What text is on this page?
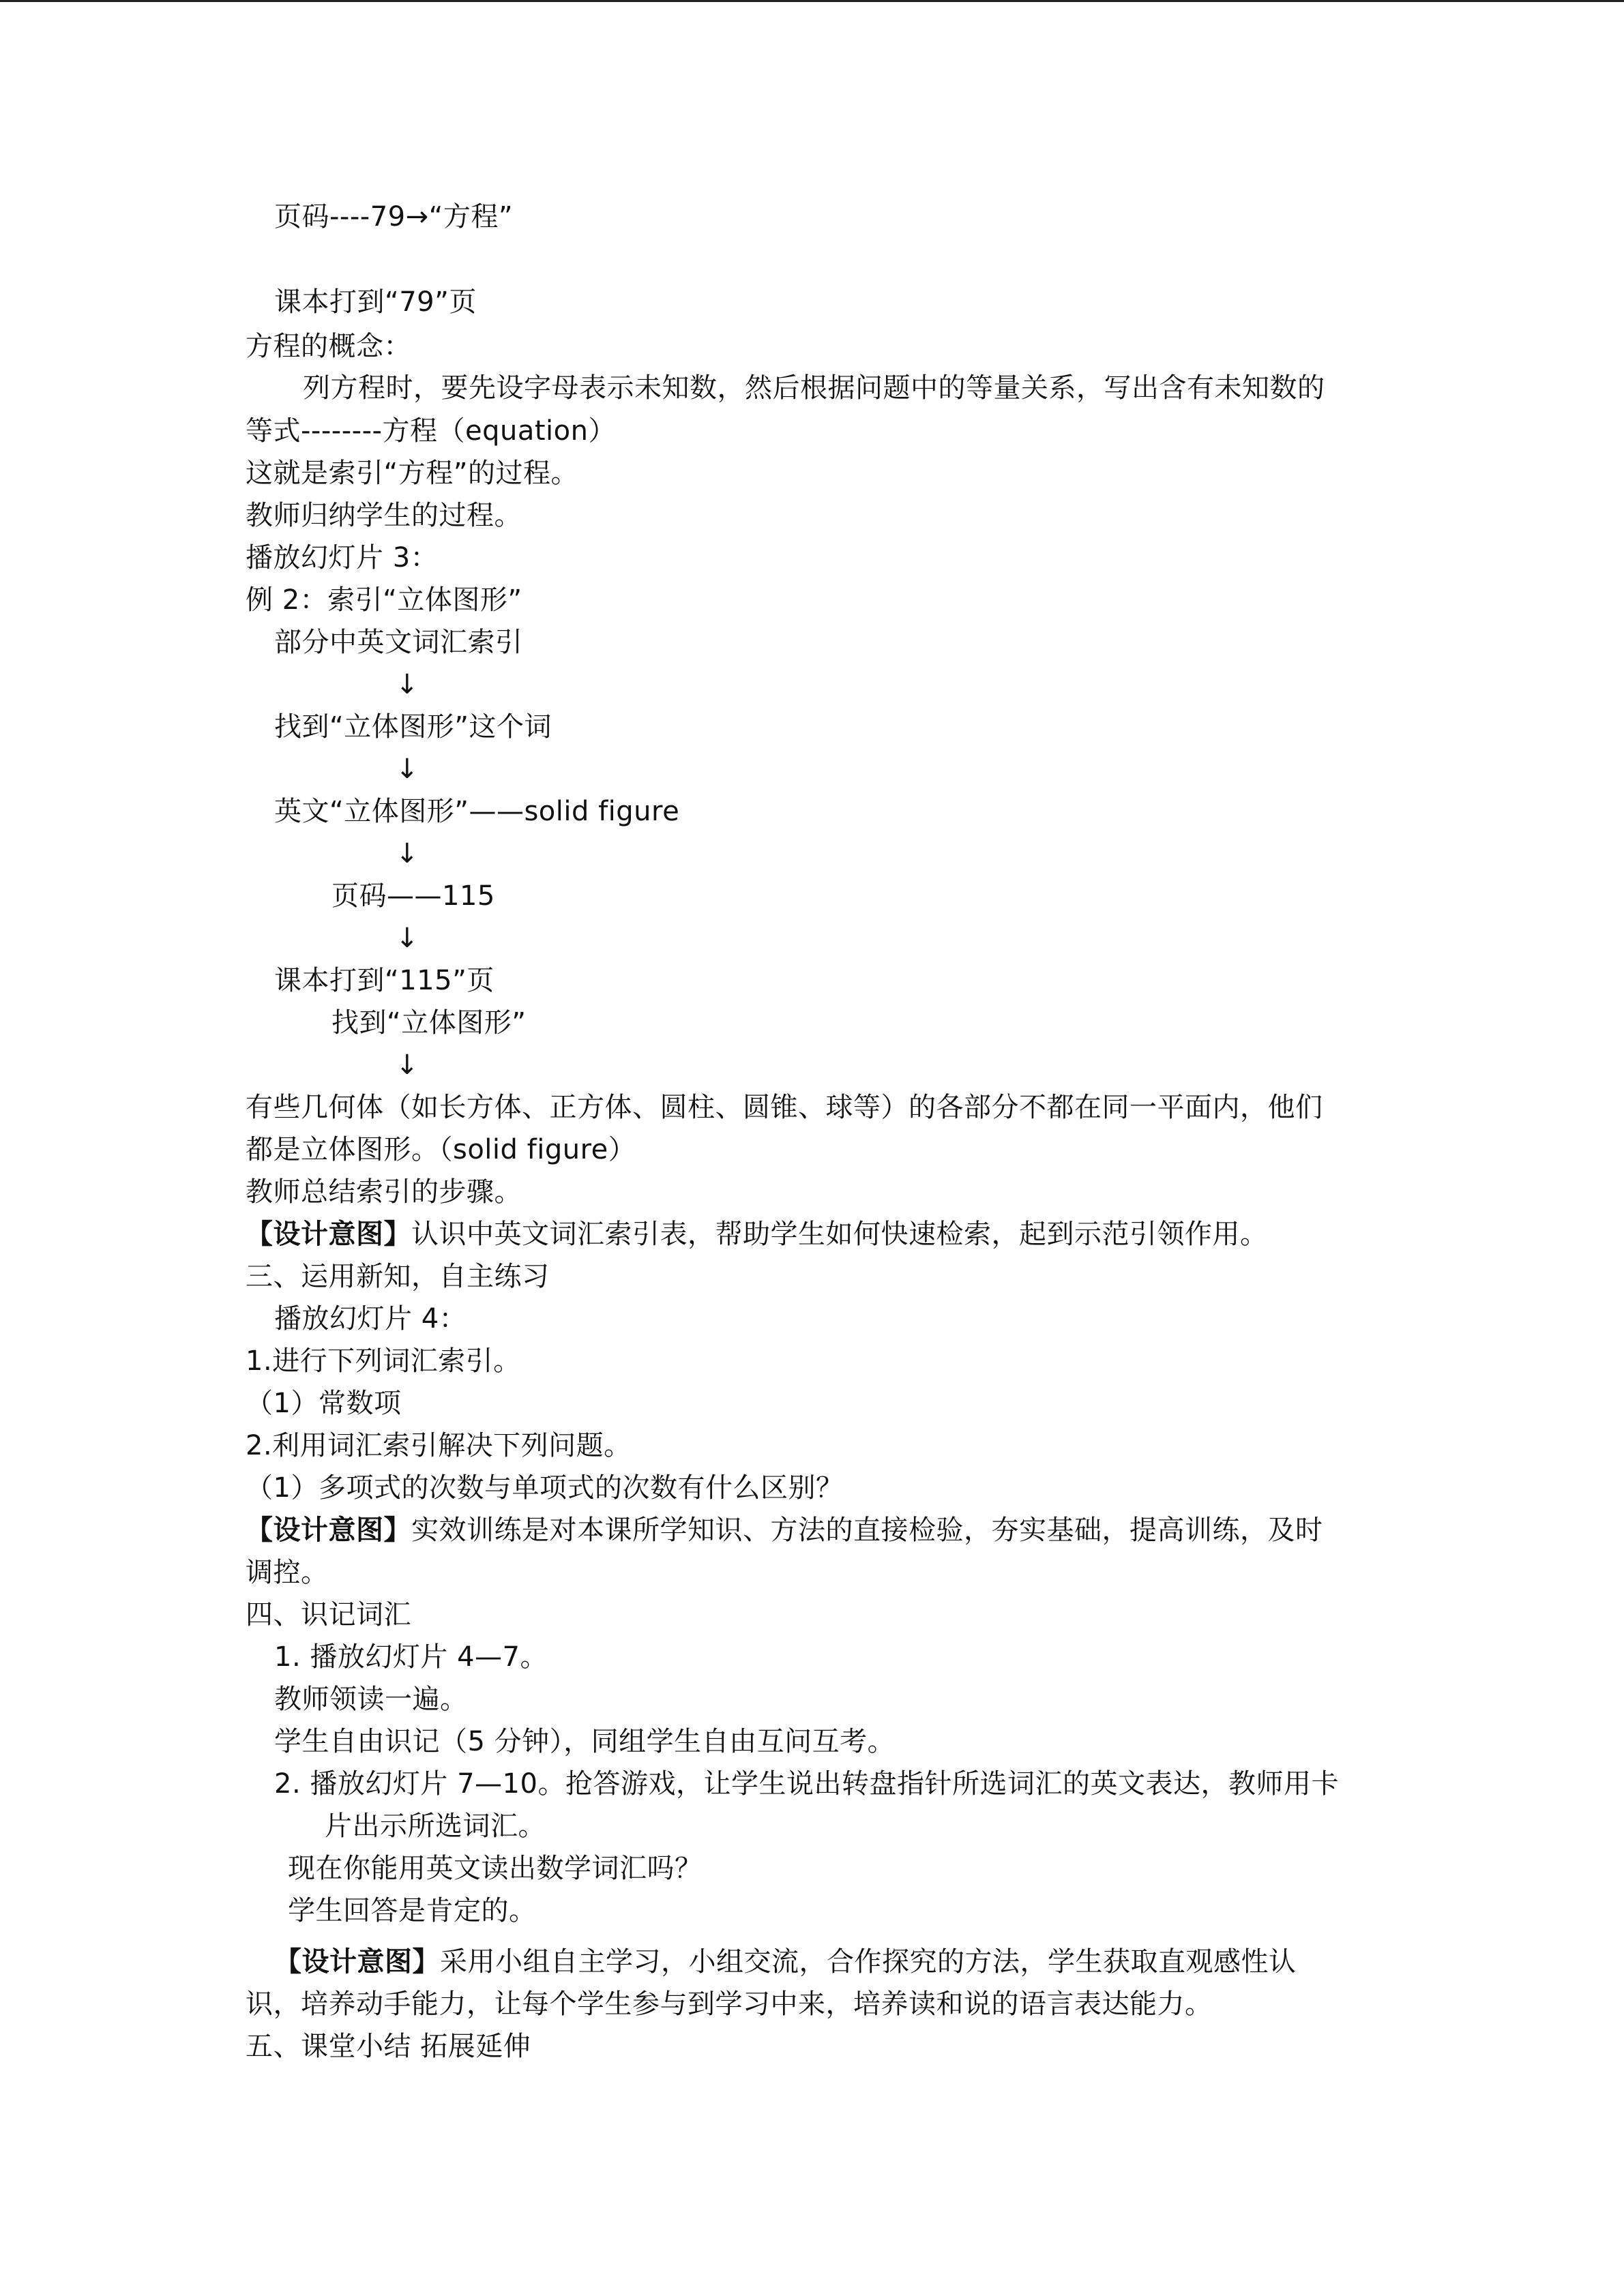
页码----79→“方程”
课本打到“79”页
方程的概念：
列方程时，要先设字母表示未知数，然后根据问题中的等量关系，写出含有未知数的
等式--------方程（equation）
这就是索引“方程”的过程。
教师归纳学生的过程。
播放幻灯片 3：
例 2：索引“立体图形”
部分中英文词汇索引
↓
找到“立体图形”这个词
↓
英文“立体图形”——solid figure
↓
页码——115
↓
课本打到“115”页
找到“立体图形”
↓
有些几何体（如长方体、正方体、圆柱、圆锥、球等）的各部分不都在同一平面内，他们
都是立体图形。（solid figure）
教师总结索引的步骤。
【设计意图】认识中英文词汇索引表，帮助学生如何快速检索，起到示范引领作用。
三、运用新知，自主练习
播放幻灯片 4：
1.进行下列词汇索引。
（1）常数项
2.利用词汇索引解决下列问题。
（1）多项式的次数与单项式的次数有什么区别？
【设计意图】实效训练是对本课所学知识、方法的直接检验，夯实基础，提高训练，及时
调控。
四、识记词汇
1. 播放幻灯片 4—7。
教师领读一遍。
学生自由识记（5 分钟），同组学生自由互问互考。
2. 播放幻灯片 7—10。抢答游戏，让学生说出转盘指针所选词汇的英文表达，教师用卡
片出示所选词汇。
现在你能用英文读出数学词汇吗？
学生回答是肯定的。
【设计意图】采用小组自主学习，小组交流，合作探究的方法，学生获取直观感性认
识，培养动手能力，让每个学生参与到学习中来，培养读和说的语言表达能力。
五、课堂小结 拓展延伸
